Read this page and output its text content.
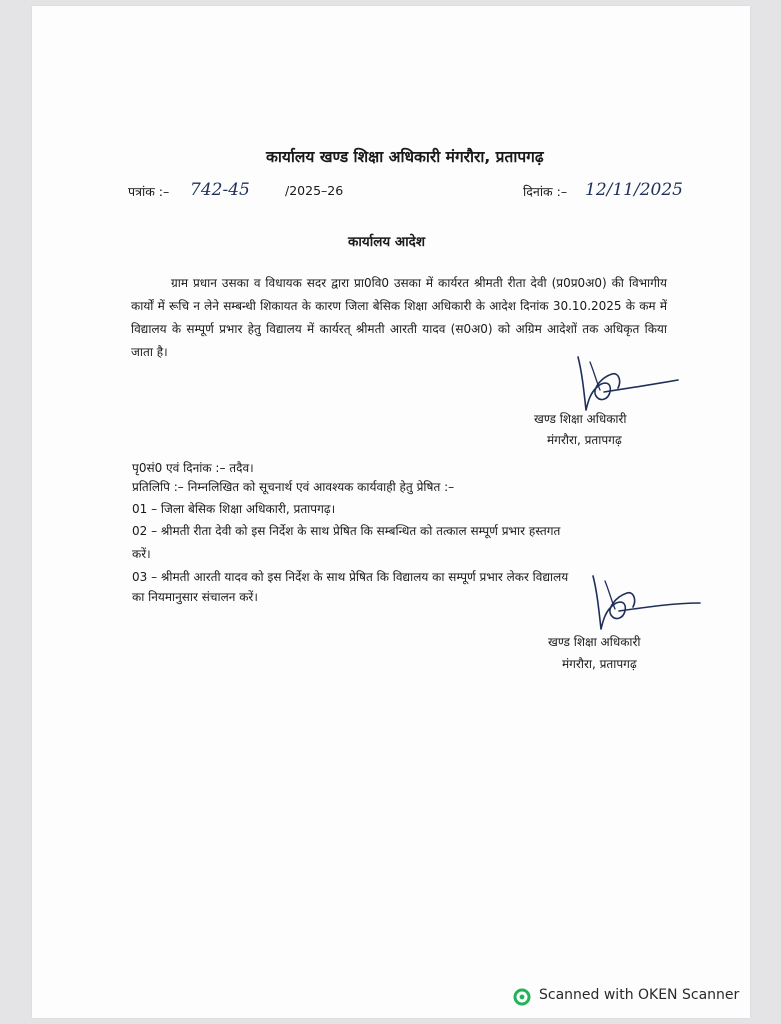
कार्यालय खण्ड शिक्षा अधिकारी मंगरौरा, प्रतापगढ़
पत्रांक :– 742-45	/2025–26	दिनांक :– 12/11/2025
कार्यालय आदेश
ग्राम प्रधान उसका व विधायक सदर द्वारा प्रा0वि0 उसका में कार्यरत श्रीमती रीता देवी (प्र0प्र0अ0) की विभागीय कार्यों में रूचि न लेने सम्बन्धी शिकायत के कारण जिला बेसिक शिक्षा अधिकारी के आदेश दिनांक 30.10.2025 के कम में विद्यालय के सम्पूर्ण प्रभार हेतु विद्यालय में कार्यरत् श्रीमती आरती यादव (स0अ0) को अग्रिम आदेशों तक अधिकृत किया जाता है।
खण्ड शिक्षा अधिकारी
मंगरौरा, प्रतापगढ़
पृ0सं0 एवं दिनांक :– तदैव।
प्रतिलिपि :– निम्नलिखित को सूचनार्थ एवं आवश्यक कार्यवाही हेतु प्रेषित :–
01 – जिला बेसिक शिक्षा अधिकारी, प्रतापगढ़।
02 – श्रीमती रीता देवी को इस निर्देश के साथ प्रेषित कि सम्बन्धित को तत्काल सम्पूर्ण प्रभार हस्तगत
करें।
03 – श्रीमती आरती यादव को इस निर्देश के साथ प्रेषित कि विद्यालय का सम्पूर्ण प्रभार लेकर विद्यालय
का नियमानुसार संचालन करें।
खण्ड शिक्षा अधिकारी
मंगरौरा, प्रतापगढ़
Scanned with OKEN Scanner
